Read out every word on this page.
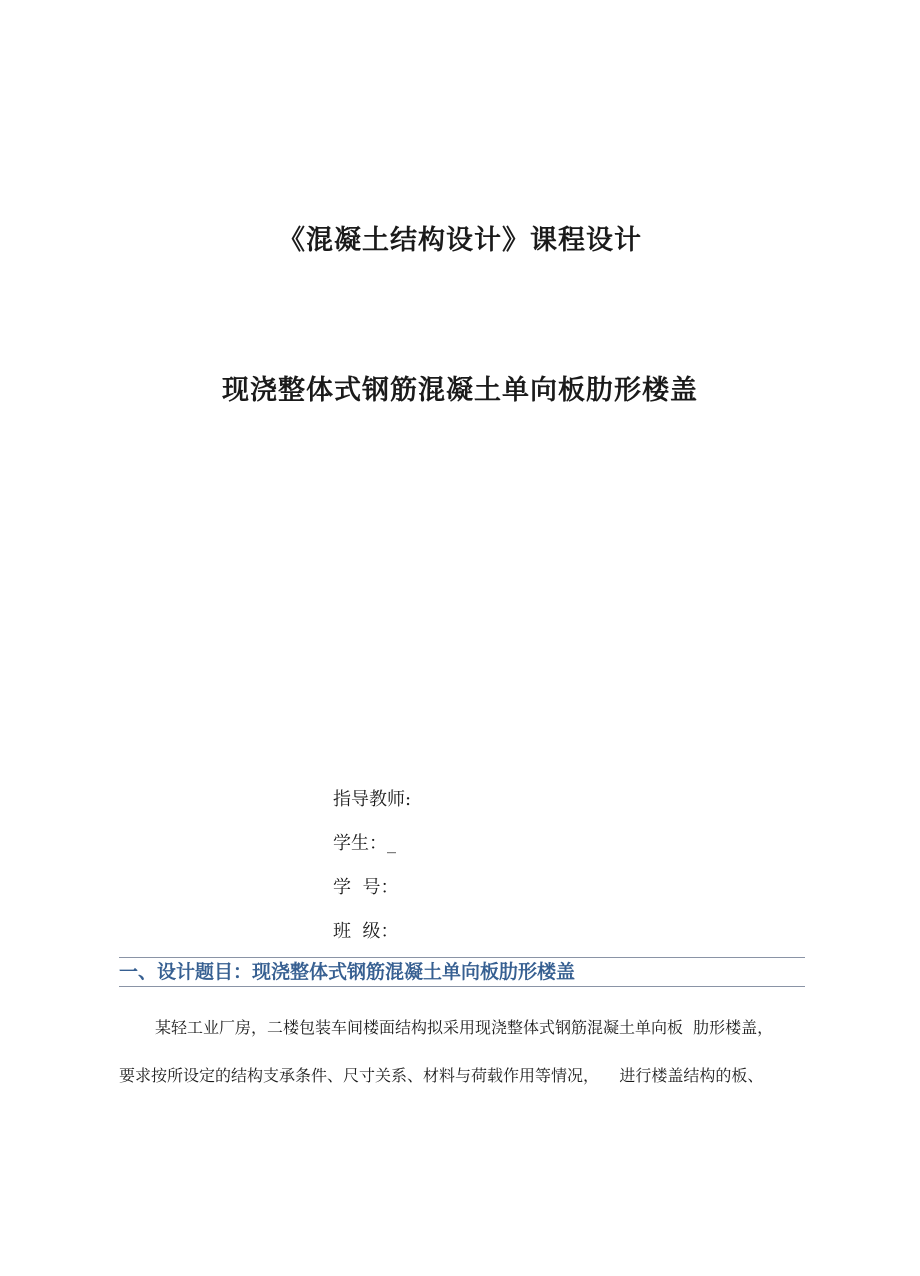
《混凝土结构设计》课程设计
现浇整体式钢筋混凝土单向板肋形楼盖
指导教师:
学生：_
学  号：
班  级：
一、设计题目：现浇整体式钢筋混凝土单向板肋形楼盖
某轻工业厂房，二楼包装车间楼面结构拟采用现浇整体式钢筋混凝土单向板  肋形楼盖，
要求按所设定的结构支承条件、尺寸关系、材料与荷载作用等情况，    进行楼盖结构的板、
